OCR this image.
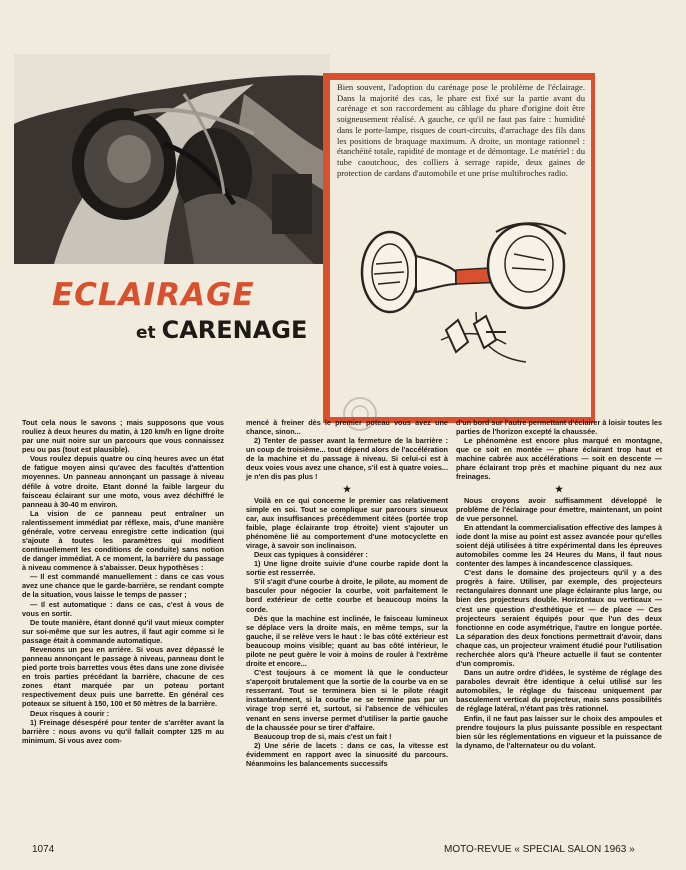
Bien souvent, l'adoption du carénage pose le problème de l'éclairage. Dans la majorité des cas, le phare est fixé sur la partie avant du carénage et son raccordement au câblage du phare d'origine doit être soigneusement réalisé. A gauche, ce qu'il ne faut pas faire : humidité dans le porte-lampe, risques de court-circuits, d'arrachage des fils dans les positions de braquage maximum. A droite, un montage rationnel : étanchéité totale, rapidité de montage et de démontage. Le matériel : du tube caoutchouc, des colliers à serrage rapide, deux gaines de protection de cardans d'automobile et une prise multibroches radio.
ECLAIRAGE
et CARENAGE

Tout cela nous le savons ; mais supposons que vous rouliez à deux heures du matin, à 120 km/h en ligne droite par une nuit noire sur un parcours que vous connaissez peu ou pas (tout est plausible).

Vous roulez depuis quatre ou cinq heures avec un état de fatigue moyen ainsi qu'avec des facultés d'attention moyennes. Un panneau annonçant un passage à niveau défile à votre droite. Etant donné la faible largeur du faisceau éclairant sur une moto, vous avez déchiffré le panneau à 30-40 m environ.

La vision de ce panneau peut entraîner un ralentissement immédiat par réflexe, mais, d'une manière générale, votre cerveau enregistre cette indication (qui s'ajoute à toutes les paramètres qui modifient continuellement les conditions de conduite) sans notion de danger immédiat. A ce moment, la barrière du passage à niveau commence à s'abaisser. Deux hypothèses :

— Il est commandé manuellement : dans ce cas vous avez une chance que le garde-barrière, se rendant compte de la situation, vous laisse le temps de passer ;

— Il est automatique : dans ce cas, c'est à vous de vous en sortir.

De toute manière, étant donné qu'il vaut mieux compter sur soi-même que sur les autres, il faut agir comme si le passage était à commande automatique.

Revenons un peu en arrière. Si vous avez dépassé le panneau annonçant le passage à niveau, panneau dont le pied porte trois barrettes vous êtes dans une zone divisée en trois parties précédant la barrière, chacune de ces zones étant marquée par un poteau portant respectivement deux puis une barrette. En général ces poteaux se situent à 150, 100 et 50 mètres de la barrière.

Deux risques à courir :

1) Freinage désespéré pour tenter de s'arrêter avant la barrière : nous avons vu qu'il fallait compter 125 m au minimum. Si vous avez com-

mencé à freiner dès le premier poteau vous avez une chance, sinon...

2) Tenter de passer avant la fermeture de la barrière : un coup de troisième... tout dépend alors de l'accélération de la machine et du passage à niveau. Si celui-ci est à deux voies vous avez une chance, s'il est à quatre voies... je n'en dis pas plus !

★

Voilà en ce qui concerne le premier cas relativement simple en soi. Tout se complique sur parcours sinueux car, aux insuffisances précédemment citées (portée trop faible, plage éclairante trop étroite) vient s'ajouter un phénomène lié au comportement d'une motocyclette en virage, à savoir son inclinaison.

Deux cas typiques à considérer :

1) Une ligne droite suivie d'une courbe rapide dont la sortie est resserrée.

S'il s'agit d'une courbe à droite, le pilote, au moment de basculer pour négocier la courbe, voit parfaitement le bord extérieur de cette courbe et beaucoup moins la corde.

Dès que la machine est inclinée, le faisceau lumineux se déplace vers la droite mais, en même temps, sur la gauche, il se relève vers le haut : le bas côté extérieur est beaucoup moins visible; quant au bas côté intérieur, le pilote ne peut guère le voir à moins de rouler à l'extrême droite et encore...

C'est toujours à ce moment là que le conducteur s'aperçoit brutalement que la sortie de la courbe va en se resserrant. Tout se terminera bien si le pilote réagit instantanément, si la courbe ne se termine pas par un virage trop serré et, surtout, si l'absence de véhicules venant en sens inverse permet d'utiliser la partie gauche de la chaussée pour se tirer d'affaire.

Beaucoup trop de si, mais c'est un fait !

2) Une série de lacets : dans ce cas, la vitesse est évidemment en rapport avec la sinuosité du parcours. Néanmoins les balancements successifs

d'un bord sur l'autre permettant d'éclairer à loisir toutes les parties de l'horizon excepté la chaussée.

Le phénomène est encore plus marqué en montagne, que ce soit en montée — phare éclairant trop haut et machine cabrée aux accélérations — soit en descente — phare éclairant trop près et machine piquant du nez aux freinages.

★

Nous croyons avoir suffisamment développé le problème de l'éclairage pour émettre, maintenant, un point de vue personnel.

En attendant la commercialisation effective des lampes à iode dont la mise au point est assez avancée pour qu'elles soient déjà utilisées à titre expérimental dans les épreuves automobiles comme les 24 Heures du Mans, il faut nous contenter des lampes à incandescence classiques.

C'est dans le domaine des projecteurs qu'il y a des progrès à faire. Utiliser, par exemple, des projecteurs rectangulaires donnant une plage éclairante plus large, ou bien des projecteurs double. Horizontaux ou verticaux — c'est une question d'esthétique et — de place — Ces projecteurs seraient équipés pour que l'un des deux fonctionne en code asymétrique, l'autre en longue portée. La séparation des deux fonctions permettrait d'avoir, dans chaque cas, un projecteur vraiment étudié pour l'utilisation recherchée alors qu'à l'heure actuelle il faut se contenter d'un compromis.

Dans un autre ordre d'idées, le système de réglage des paraboles devrait être identique à celui utilisé sur les automobiles, le réglage du faisceau uniquement par basculement vertical du projecteur, mais sans possibilités de réglage latéral, n'étant pas très rationnel.

Enfin, il ne faut pas laisser sur le choix des ampoules et prendre toujours la plus puissante possible en respectant bien sûr les réglementations en vigueur et la puissance de la dynamo, de l'alternateur ou du volant.

1074	MOTO-REVUE « SPECIAL SALON 1963 »
